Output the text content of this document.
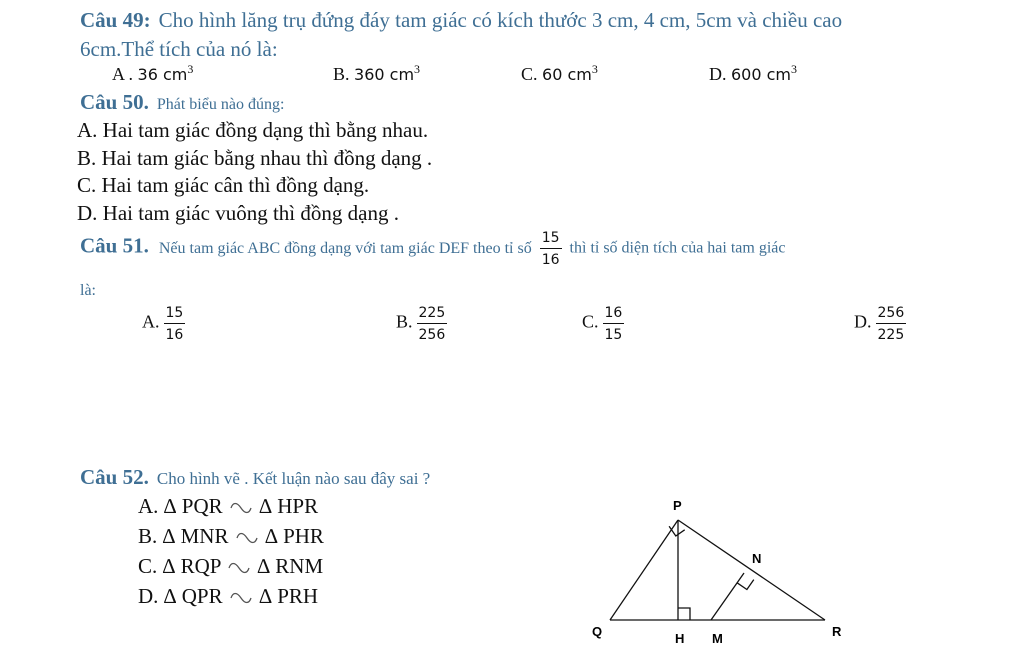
Câu 49: Cho hình lăng trụ đứng đáy tam giác có kích thước 3 cm, 4 cm, 5cm và chiều cao
6cm.Thể tích của nó là:
A . 36 $cm^3$	B. 360 $cm^3$	C. 60 $cm^3$	D. 600 $cm^3$
Câu 50. Phát biểu nào đúng:
A. Hai tam giác đồng dạng thì bằng nhau.
B. Hai tam giác bằng nhau thì đồng dạng .
C. Hai tam giác cân thì đồng dạng.
D. Hai tam giác vuông thì đồng dạng .
Câu 51. Nếu tam giác ABC đồng dạng với tam giác DEF theo tỉ số $\frac{15}{16}$ thì tỉ số diện tích của hai tam giác
là:
A. $\frac{15}{16}$	B. $\frac{225}{256}$	C. $\frac{16}{15}$	D. $\frac{256}{225}$
Câu 52. Cho hình vẽ . Kết luận nào sau đây sai ?
A. ∆ PQR ∆ HPR
B. ∆ MNR ∆ PHR
C. ∆ RQP ∆ RNM
D. ∆ QPR ∆ PRH
P
N
Q	H M	R
